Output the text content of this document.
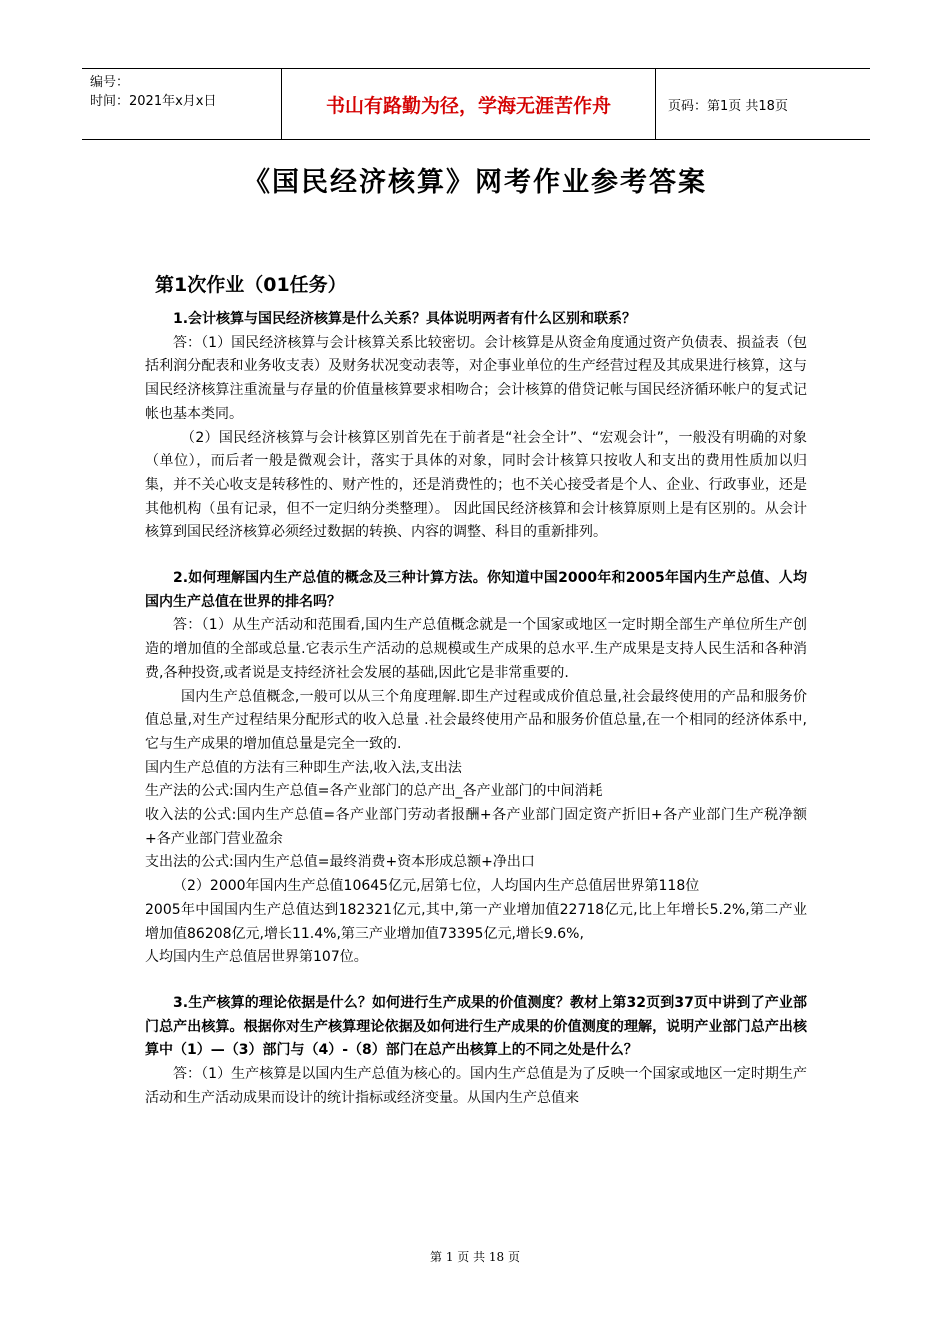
编号：
时间：2021年x月x日	书山有路勤为径，学海无涯苦作舟	页码：第1页 共18页
《国民经济核算》网考作业参考答案
第1次作业（01任务）

1.会计核算与国民经济核算是什么关系？具体说明两者有什么区别和联系？

答：（1）国民经济核算与会计核算关系比较密切。会计核算是从资金角度通过资产负债表、损益表（包括利润分配表和业务收支表）及财务状况变动表等，对企事业单位的生产经营过程及其成果进行核算，这与国民经济核算注重流量与存量的价值量核算要求相吻合；会计核算的借贷记帐与国民经济循环帐户的复式记帐也基本类同。

（2）国民经济核算与会计核算区别首先在于前者是“社会全计”、“宏观会计”，一般没有明确的对象（单位），而后者一般是微观会计，落实于具体的对象，同时会计核算只按收人和支出的费用性质加以归集，并不关心收支是转移性的、财产性的，还是消费性的；也不关心接受者是个人、企业、行政事业，还是其他机构（虽有记录，但不一定归纳分类整理）。 因此国民经济核算和会计核算原则上是有区别的。从会计核算到国民经济核算必须经过数据的转换、内容的调整、科目的重新排列。

2.如何理解国内生产总值的概念及三种计算方法。你知道中国2000年和2005年国内生产总值、人均国内生产总值在世界的排名吗？

答：（1）从生产活动和范围看,国内生产总值概念就是一个国家或地区一定时期全部生产单位所生产创造的增加值的全部或总量.它表示生产活动的总规模或生产成果的总水平.生产成果是支持人民生活和各种消费,各种投资,或者说是支持经济社会发展的基础,因此它是非常重要的.

国内生产总值概念,一般可以从三个角度理解.即生产过程或成价值总量,社会最终使用的产品和服务价值总量,对生产过程结果分配形式的收入总量 .社会最终使用产品和服务价值总量,在一个相同的经济体系中,它与生产成果的增加值总量是完全一致的.

国内生产总值的方法有三种即生产法,收入法,支出法

生产法的公式:国内生产总值=各产业部门的总产出_各产业部门的中间消耗

收入法的公式:国内生产总值=各产业部门劳动者报酬+各产业部门固定资产折旧+各产业部门生产税净额+各产业部门营业盈余

支出法的公式:国内生产总值=最终消费+资本形成总额+净出口

（2）2000年国内生产总值10645亿元,居第七位，人均国内生产总值居世界第118位

2005年中国国内生产总值达到182321亿元,其中,第一产业增加值22718亿元,比上年增长5.2%,第二产业增加值86208亿元,增长11.4%,第三产业增加值73395亿元,增长9.6%,

人均国内生产总值居世界第107位。

3.生产核算的理论依据是什么？如何进行生产成果的价值测度？教材上第32页到37页中讲到了产业部门总产出核算。根据你对生产核算理论依据及如何进行生产成果的价值测度的理解，说明产业部门总产出核算中（1）—（3）部门与（4）-（8）部门在总产出核算上的不同之处是什么？

答：（1）生产核算是以国内生产总值为核心的。国内生产总值是为了反映一个国家或地区一定时期生产活动和生产活动成果而设计的统计指标或经济变量。从国内生产总值来

第 1 页 共 18 页
